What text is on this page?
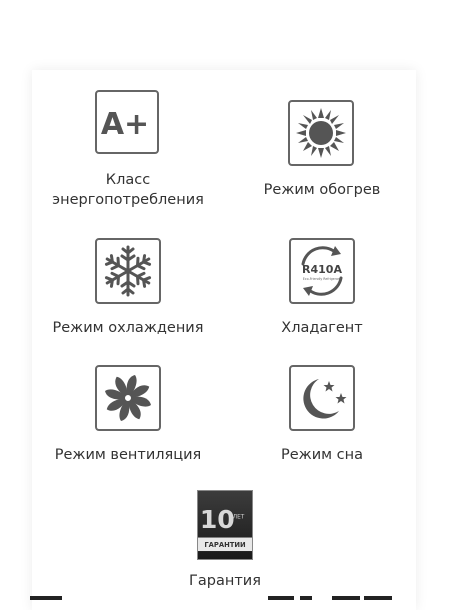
A+
Класс
энергопотребления
Режим обогрев
Режим охлаждения
R410A
Eco-Friendly Refrigerant
Хладагент
Режим вентиляция	Режим сна
10
ЛЕТ
ГАРАНТИИ
Гарантия
